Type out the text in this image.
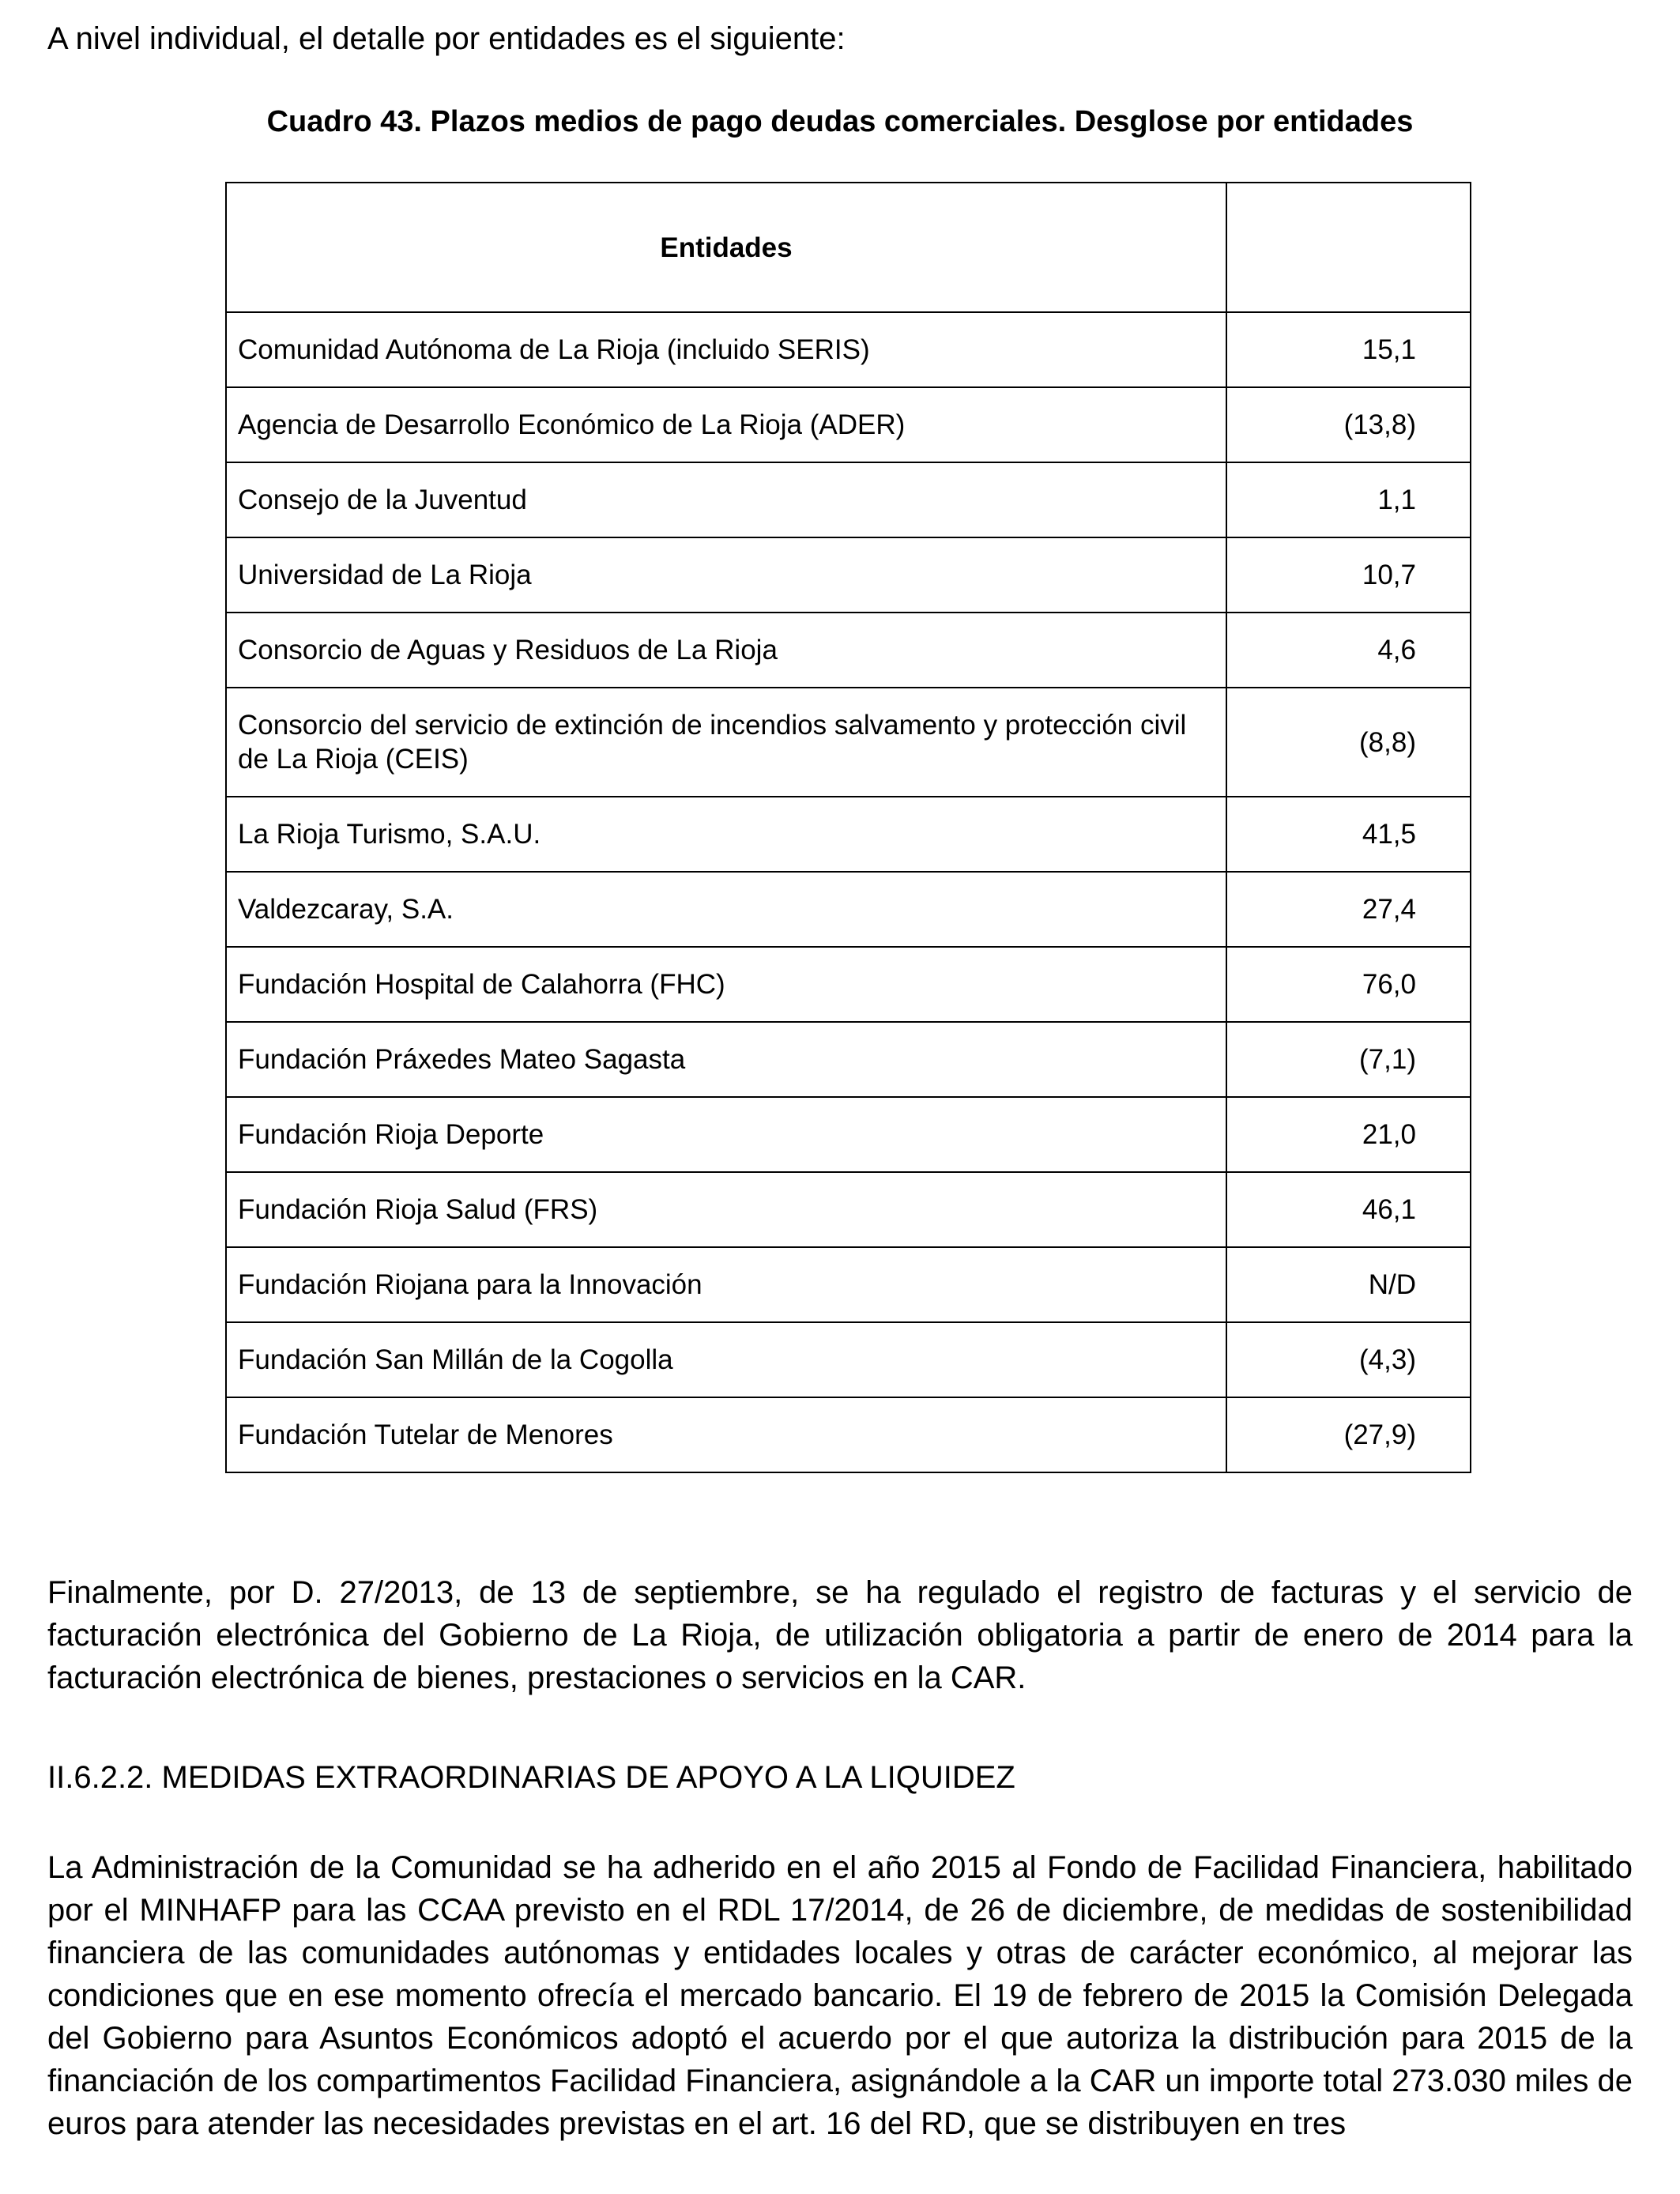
A nivel individual, el detalle por entidades es el siguiente:

Cuadro 43. Plazos medios de pago deudas comerciales. Desglose por entidades

Entidades	
Comunidad Autónoma de La Rioja (incluido SERIS)	15,1
Agencia de Desarrollo Económico de La Rioja (ADER)	(13,8)
Consejo de la Juventud	1,1
Universidad de La Rioja	10,7
Consorcio de Aguas y Residuos de La Rioja	4,6
Consorcio del servicio de extinción de incendios salvamento y protección civil de La Rioja (CEIS)	(8,8)
La Rioja Turismo, S.A.U.	41,5
Valdezcaray, S.A.	27,4
Fundación Hospital de Calahorra (FHC)	76,0
Fundación Práxedes Mateo Sagasta	(7,1)
Fundación Rioja Deporte	21,0
Fundación Rioja Salud (FRS)	46,1
Fundación Riojana para la Innovación	N/D
Fundación San Millán de la Cogolla	(4,3)
Fundación Tutelar de Menores	(27,9)

Finalmente, por D. 27/2013, de 13 de septiembre, se ha regulado el registro de facturas y el servicio de facturación electrónica del Gobierno de La Rioja, de utilización obligatoria a partir de enero de 2014 para la facturación electrónica de bienes, prestaciones o servicios en la CAR.

II.6.2.2. MEDIDAS EXTRAORDINARIAS DE APOYO A LA LIQUIDEZ

La Administración de la Comunidad se ha adherido en el año 2015 al Fondo de Facilidad Financiera, habilitado por el MINHAFP para las CCAA previsto en el RDL 17/2014, de 26 de diciembre, de medidas de sostenibilidad financiera de las comunidades autónomas y entidades locales y otras de carácter económico, al mejorar las condiciones que en ese momento ofrecía el mercado bancario. El 19 de febrero de 2015 la Comisión Delegada del Gobierno para Asuntos Económicos adoptó el acuerdo por el que autoriza la distribución para 2015 de la financiación de los compartimentos Facilidad Financiera, asignándole a la CAR un importe total 273.030 miles de euros para atender las necesidades previstas en el art. 16 del RD, que se distribuyen en tres
